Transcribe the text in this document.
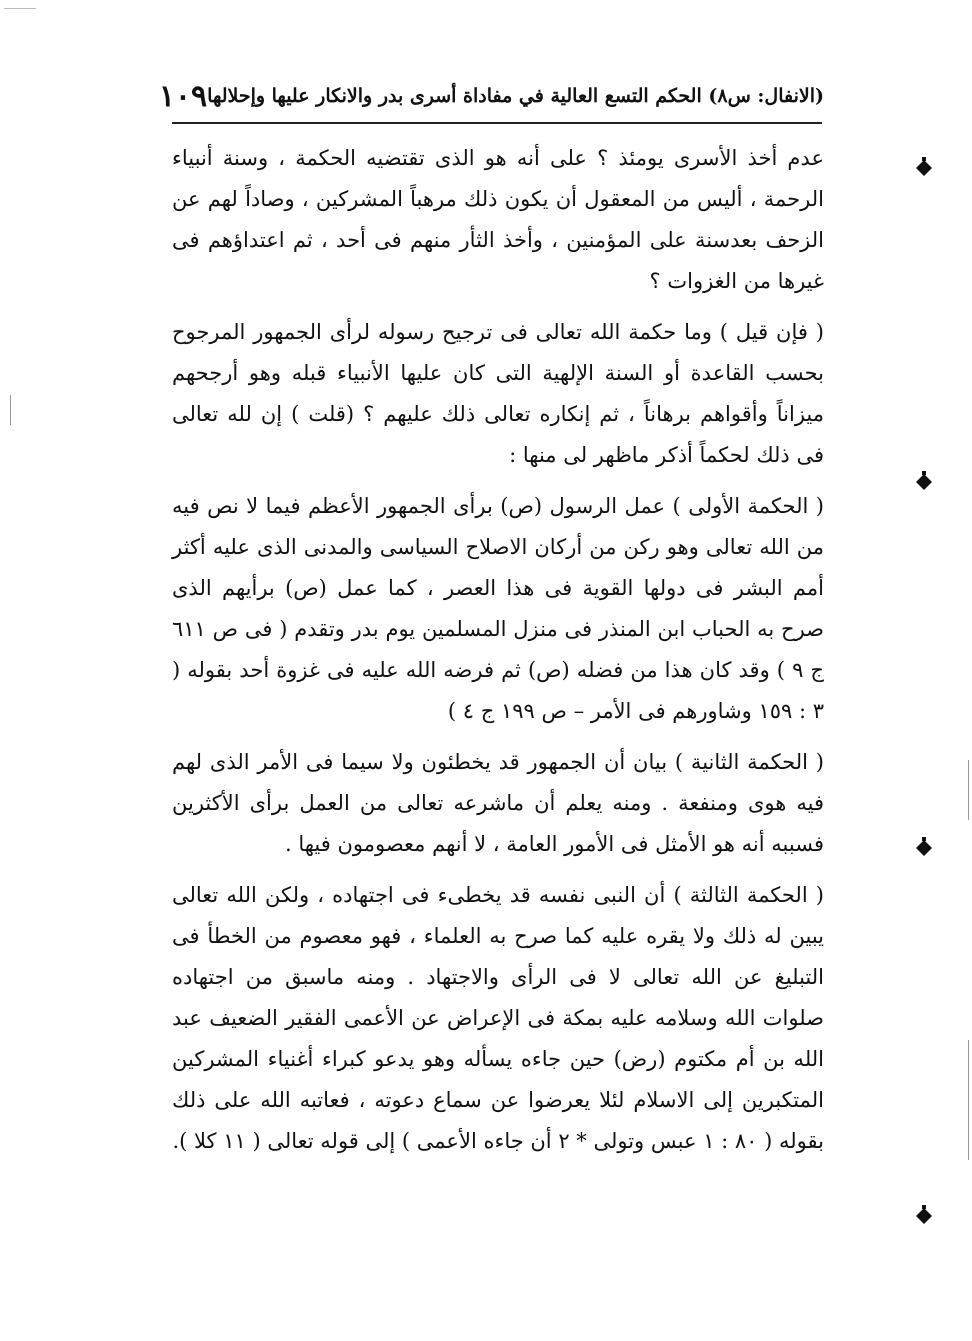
(الانفال: س٨) الحكم التسع العالية في مفاداة أسرى بدر والانكار عليها وإحلالها
١٠٩

عدم أخذ الأسرى يومئذ ؟ على أنه هو الذى تقتضيه الحكمة ، وسنة أنبياء الرحمة ، أليس من المعقول أن يكون ذلك مرهباً المشركين ، وصاداً لهم عن الزحف بعدسنة على المؤمنين ، وأخذ الثأر منهم فى أحد ، ثم اعتداؤهم فى غيرها من الغزوات ؟

( فإن قيل ) وما حكمة الله تعالى فى ترجيح رسوله لرأى الجمهور المرجوح بحسب القاعدة أو السنة الإلهية التى كان عليها الأنبياء قبله وهو أرجحهم ميزاناً وأقواهم برهاناً ، ثم إنكاره تعالى ذلك عليهم ؟ (قلت ) إن لله تعالى فى ذلك لحكماً أذكر ماظهر لى منها :

( الحكمة الأولى ) عمل الرسول (ص) برأى الجمهور الأعظم فيما لا نص فيه من الله تعالى وهو ركن من أركان الاصلاح السياسى والمدنى الذى عليه أكثر أمم البشر فى دولها القوية فى هذا العصر ، كما عمل (ص) برأيهم الذى صرح به الحباب ابن المنذر فى منزل المسلمين يوم بدر وتقدم ( فى ص ٦١١ ج ٩ ) وقد كان هذا من فضله (ص) ثم فرضه الله عليه فى غزوة أحد بقوله ( ٣ : ١٥٩ وشاورهم فى الأمر – ص ١٩٩ ج ٤ )

( الحكمة الثانية ) بيان أن الجمهور قد يخطئون ولا سيما فى الأمر الذى لهم فيه هوى ومنفعة . ومنه يعلم أن ماشرعه تعالى من العمل برأى الأكثرين فسببه أنه هو الأمثل فى الأمور العامة ، لا أنهم معصومون فيها .

( الحكمة الثالثة ) أن النبى نفسه قد يخطىء فى اجتهاده ، ولكن الله تعالى يبين له ذلك ولا يقره عليه كما صرح به العلماء ، فهو معصوم من الخطأ فى التبليغ عن الله تعالى لا فى الرأى والاجتهاد . ومنه ماسبق من اجتهاده صلوات الله وسلامه عليه بمكة فى الإعراض عن الأعمى الفقير الضعيف عبد الله بن أم مكتوم (رض) حين جاءه يسأله وهو يدعو كبراء أغنياء المشركين المتكبرين إلى الاسلام لئلا يعرضوا عن سماع دعوته ، فعاتبه الله على ذلك بقوله ( ٨٠ : ١ عبس وتولى * ٢ أن جاءه الأعمى ) إلى قوله تعالى ( ١١ كلا ).
